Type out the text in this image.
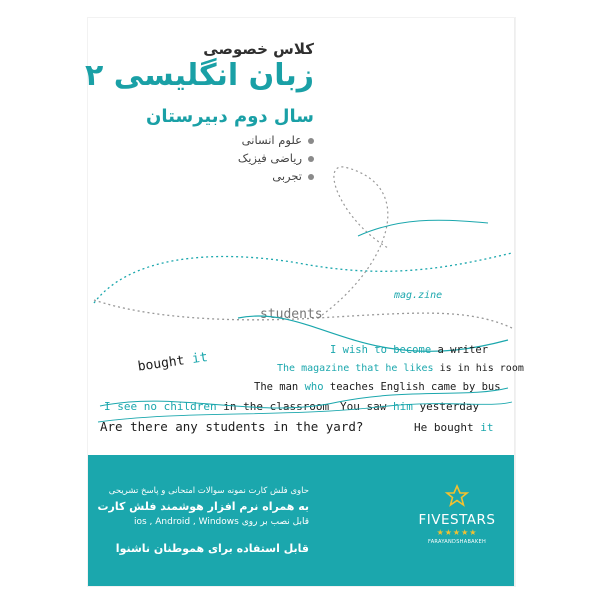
کلاس خصوصی
زبان انگلیسی ۲
سال دوم دبیرستان
علوم انسانی
ریاضی فیزیک
تجربی
students
mag.zine
bought it	I wish to become a writer
The magazine that he likes is in his room
The man who teaches English came by bus
I see no children in the classroom You saw him yesterday
Are there any students in the yard?	He bought it
حاوی فلش کارت نمونه سوالات امتحانی و پاسخ تشریحی
به همراه نرم افزار هوشمند فلش کارت
قابل نصب بر روی ios , Android , Windows
قابل استفاده برای هموطنان ناشنوا
FIVESTARS
★★★★★
FARAYANDSHABAKEH
